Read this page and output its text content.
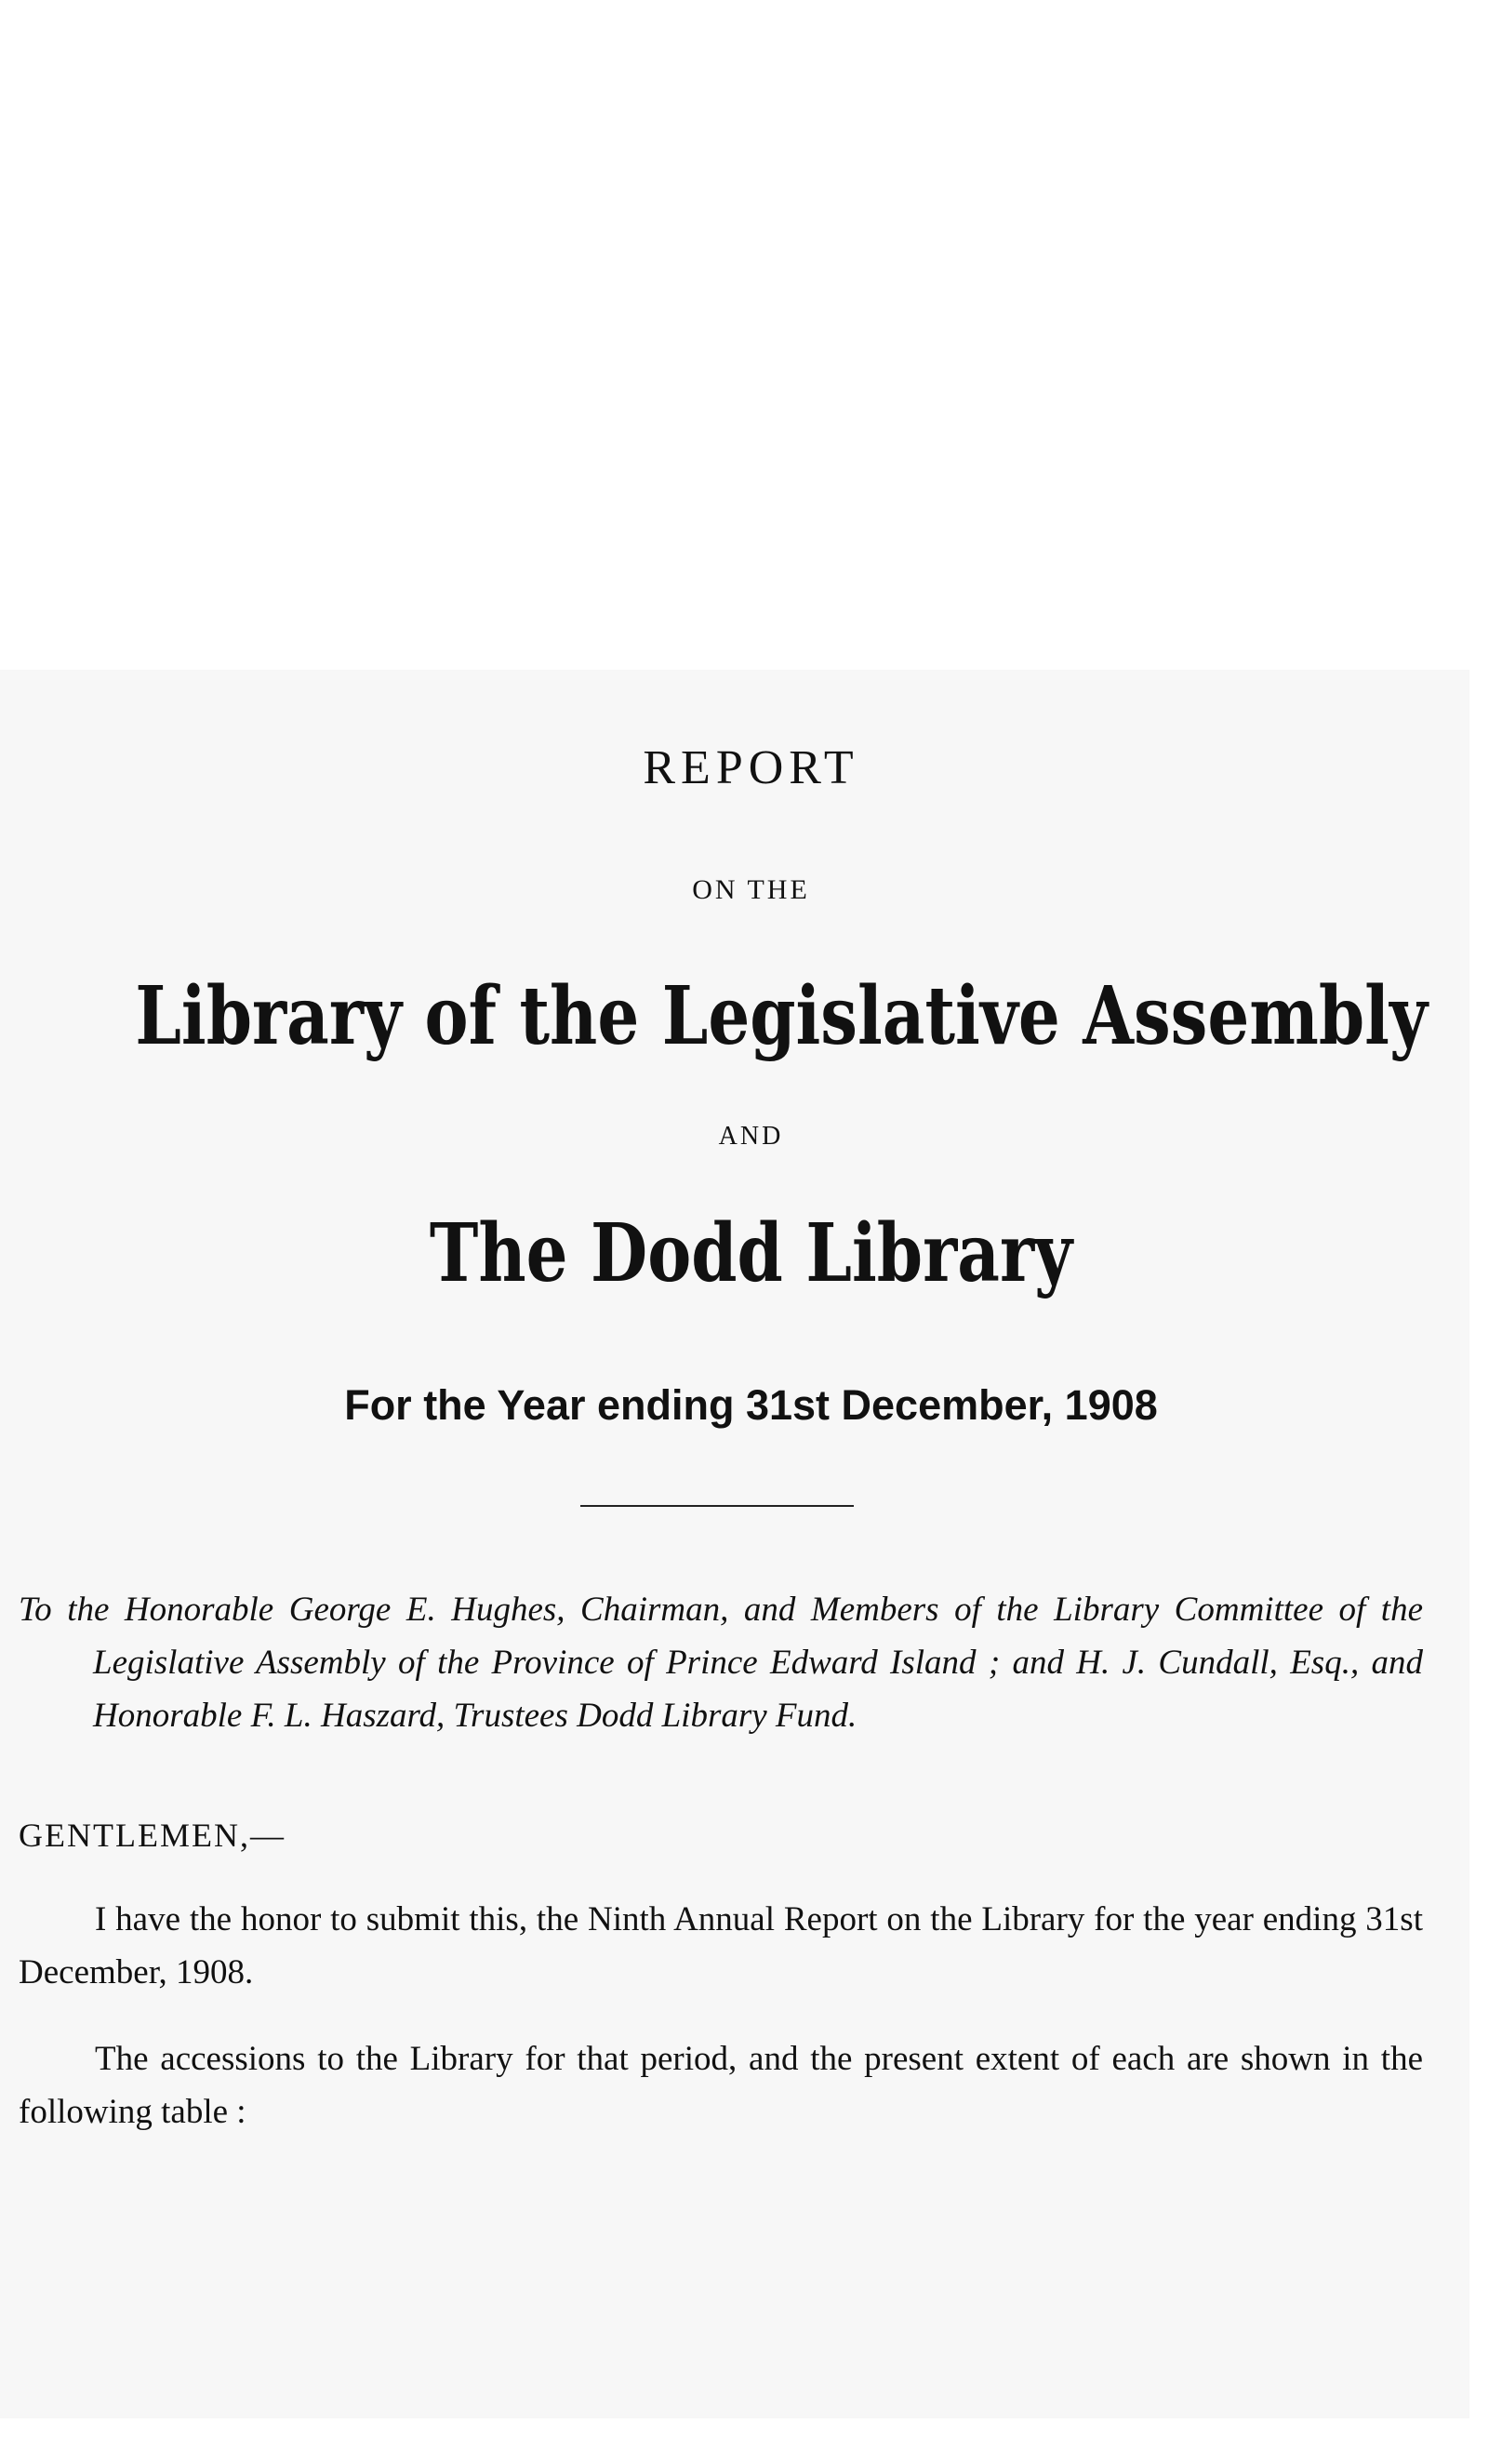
REPORT
ON THE
Library of the Legislative Assembly
AND
The Dodd Library
For the Year ending 31st December, 1908
To the Honorable George E. Hughes, Chairman, and Members of the Library Committee of the Legislative Assembly of the Province of Prince Edward Island ; and H. J. Cundall, Esq., and Honorable F. L. Haszard, Trustees Dodd Library Fund.
GENTLEMEN,—
I have the honor to submit this, the Ninth Annual Report on the Library for the year ending 31st December, 1908.
The accessions to the Library for that period, and the present extent of each are shown in the following table :
